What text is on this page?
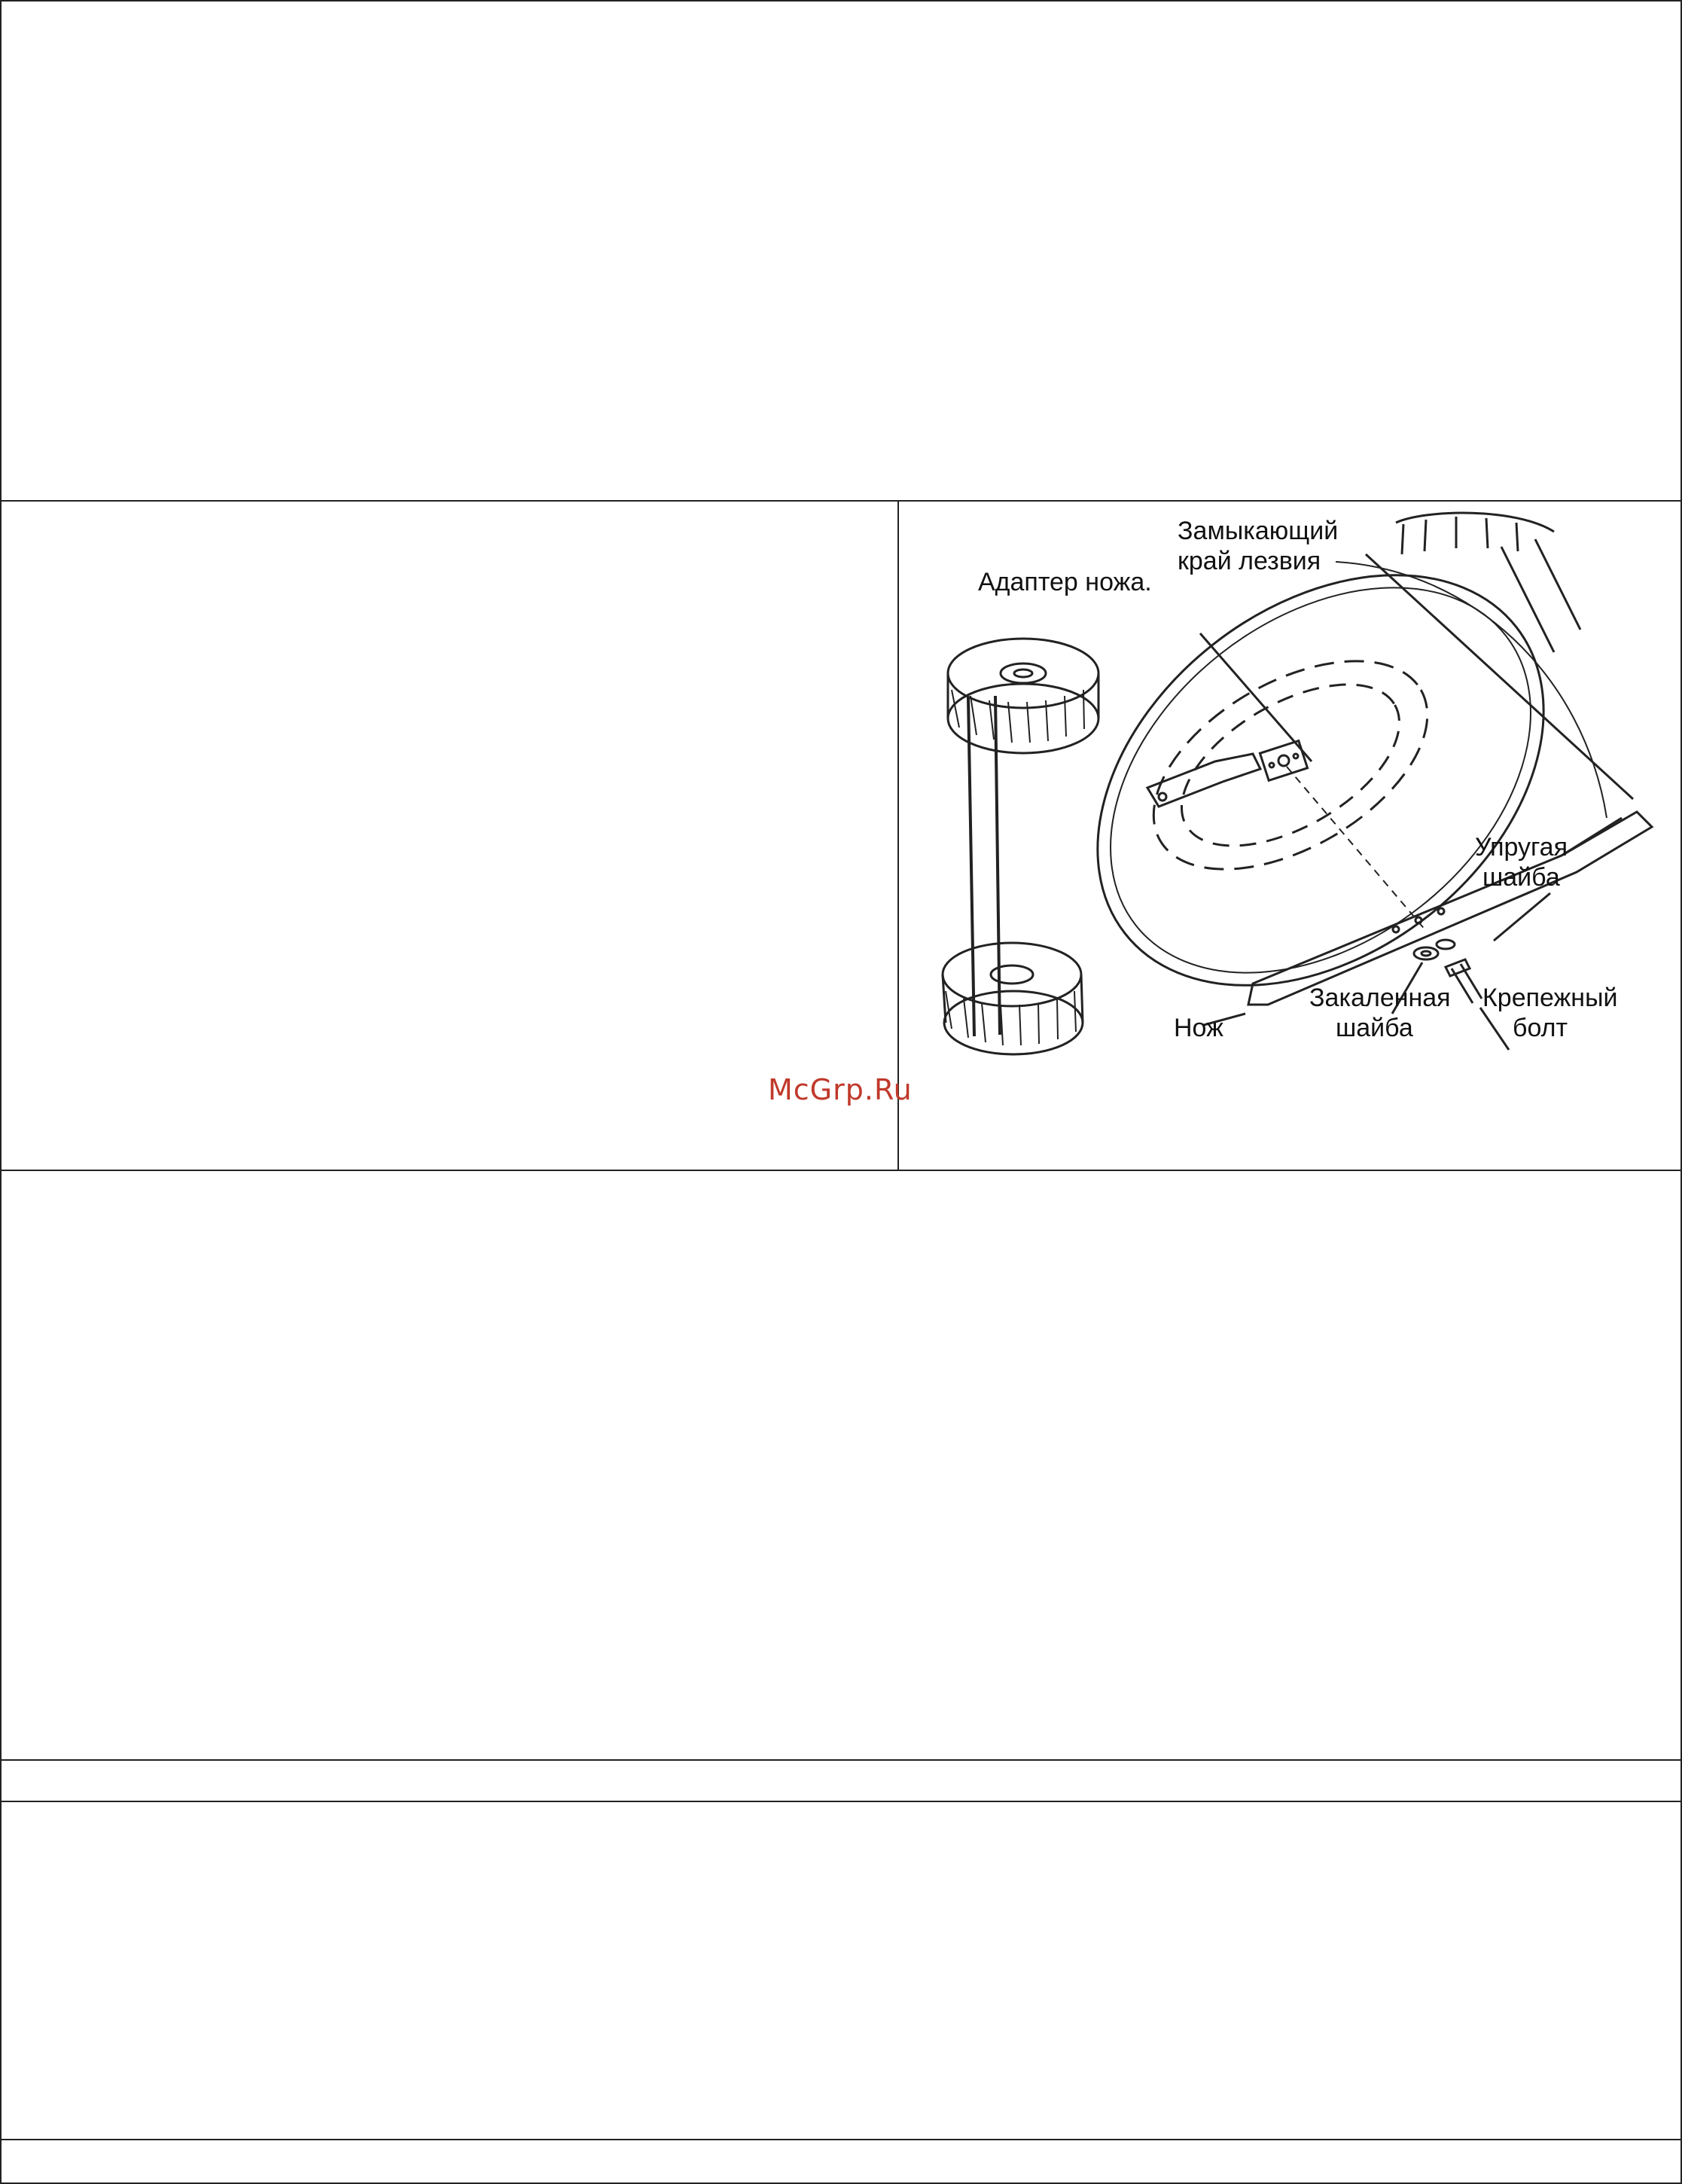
Замыкающий
край лезвия
Адаптер ножа.
Упругая
шайба
Нож
Закаленная
шайба
Крепежный
болт
McGrp.Ru
